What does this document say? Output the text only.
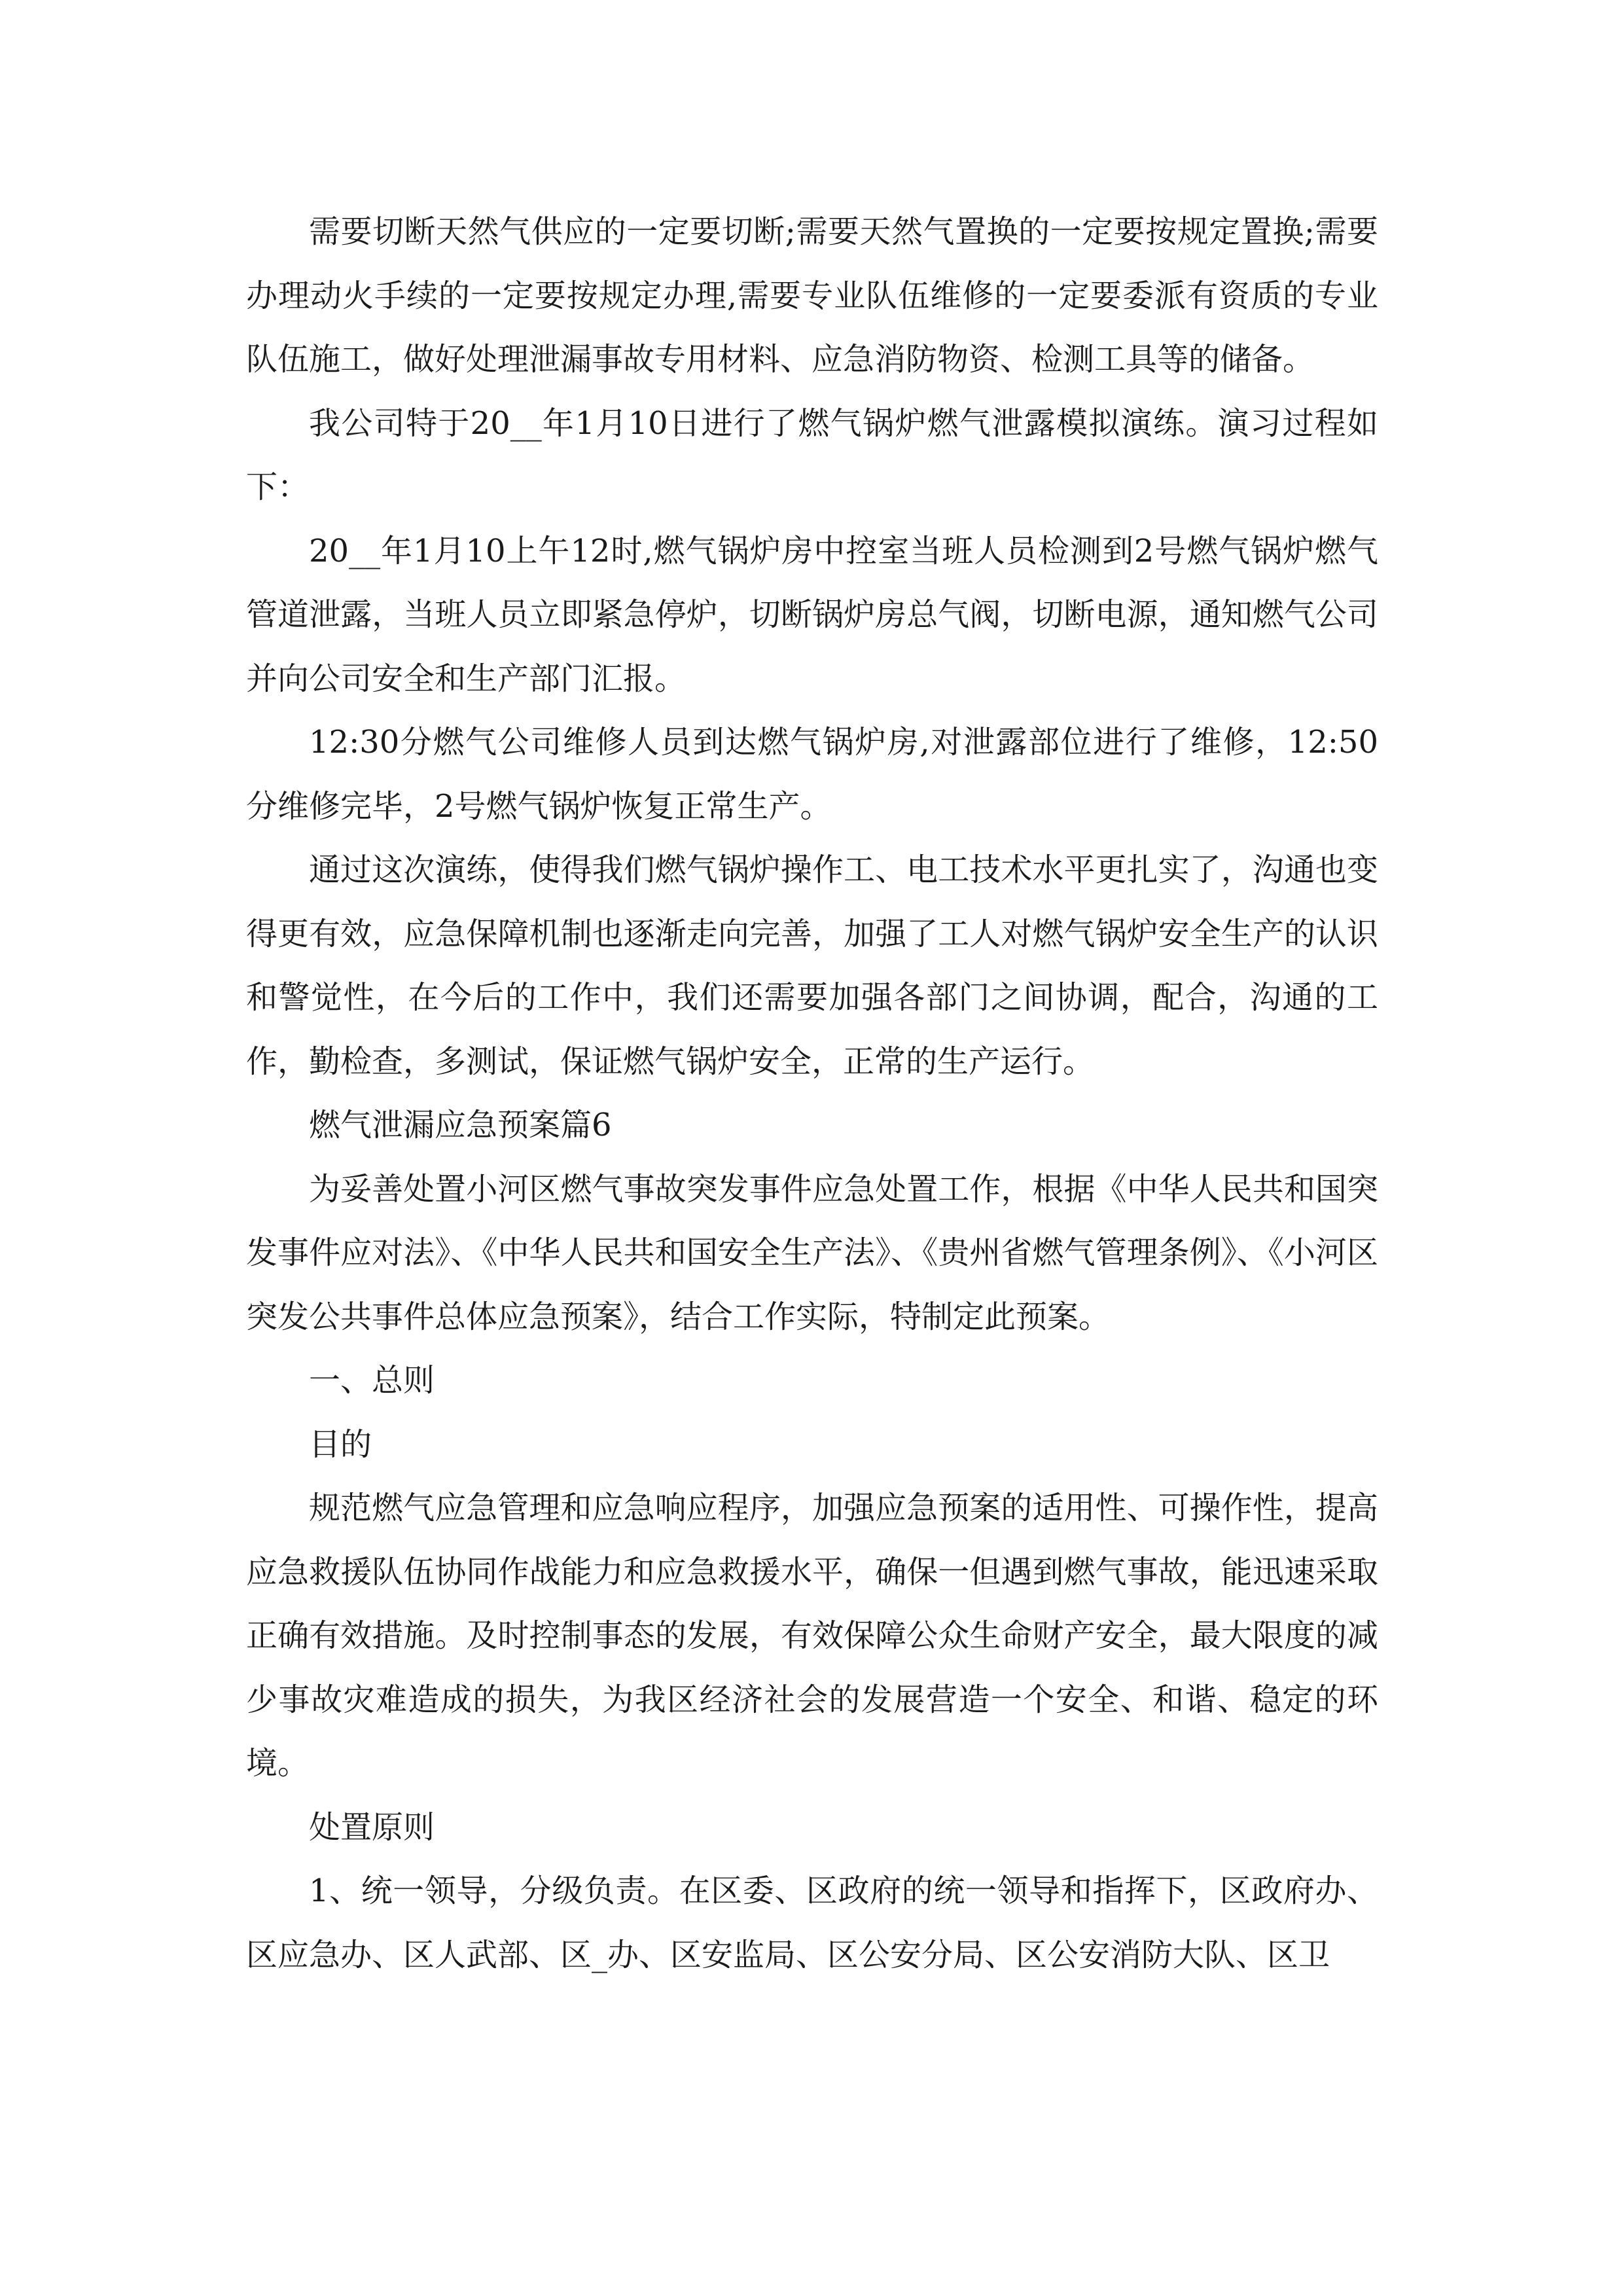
需要切断天然气供应的一定要切断;需要天然气置换的一定要按规定置换;需要办理动火手续的一定要按规定办理,需要专业队伍维修的一定要委派有资质的专业队伍施工，做好处理泄漏事故专用材料、应急消防物资、检测工具等的储备。

我公司特于20__年1月10日进行了燃气锅炉燃气泄露模拟演练。演习过程如下：

20__年1月10上午12时,燃气锅炉房中控室当班人员检测到2号燃气锅炉燃气管道泄露，当班人员立即紧急停炉，切断锅炉房总气阀，切断电源，通知燃气公司并向公司安全和生产部门汇报。

12:30分燃气公司维修人员到达燃气锅炉房,对泄露部位进行了维修，12:50分维修完毕，2号燃气锅炉恢复正常生产。

通过这次演练，使得我们燃气锅炉操作工、电工技术水平更扎实了，沟通也变得更有效，应急保障机制也逐渐走向完善，加强了工人对燃气锅炉安全生产的认识和警觉性，在今后的工作中，我们还需要加强各部门之间协调，配合，沟通的工作，勤检查，多测试，保证燃气锅炉安全，正常的生产运行。

燃气泄漏应急预案篇6

为妥善处置小河区燃气事故突发事件应急处置工作，根据《中华人民共和国突发事件应对法》、《中华人民共和国安全生产法》、《贵州省燃气管理条例》、《小河区突发公共事件总体应急预案》，结合工作实际，特制定此预案。

一、总则

目的

规范燃气应急管理和应急响应程序，加强应急预案的适用性、可操作性，提高应急救援队伍协同作战能力和应急救援水平，确保一但遇到燃气事故，能迅速采取正确有效措施。及时控制事态的发展，有效保障公众生命财产安全，最大限度的减少事故灾难造成的损失，为我区经济社会的发展营造一个安全、和谐、稳定的环境。

处置原则

1、统一领导，分级负责。在区委、区政府的统一领导和指挥下，区政府办、区应急办、区人武部、区_办、区安监局、区公安分局、区公安消防大队、区卫
